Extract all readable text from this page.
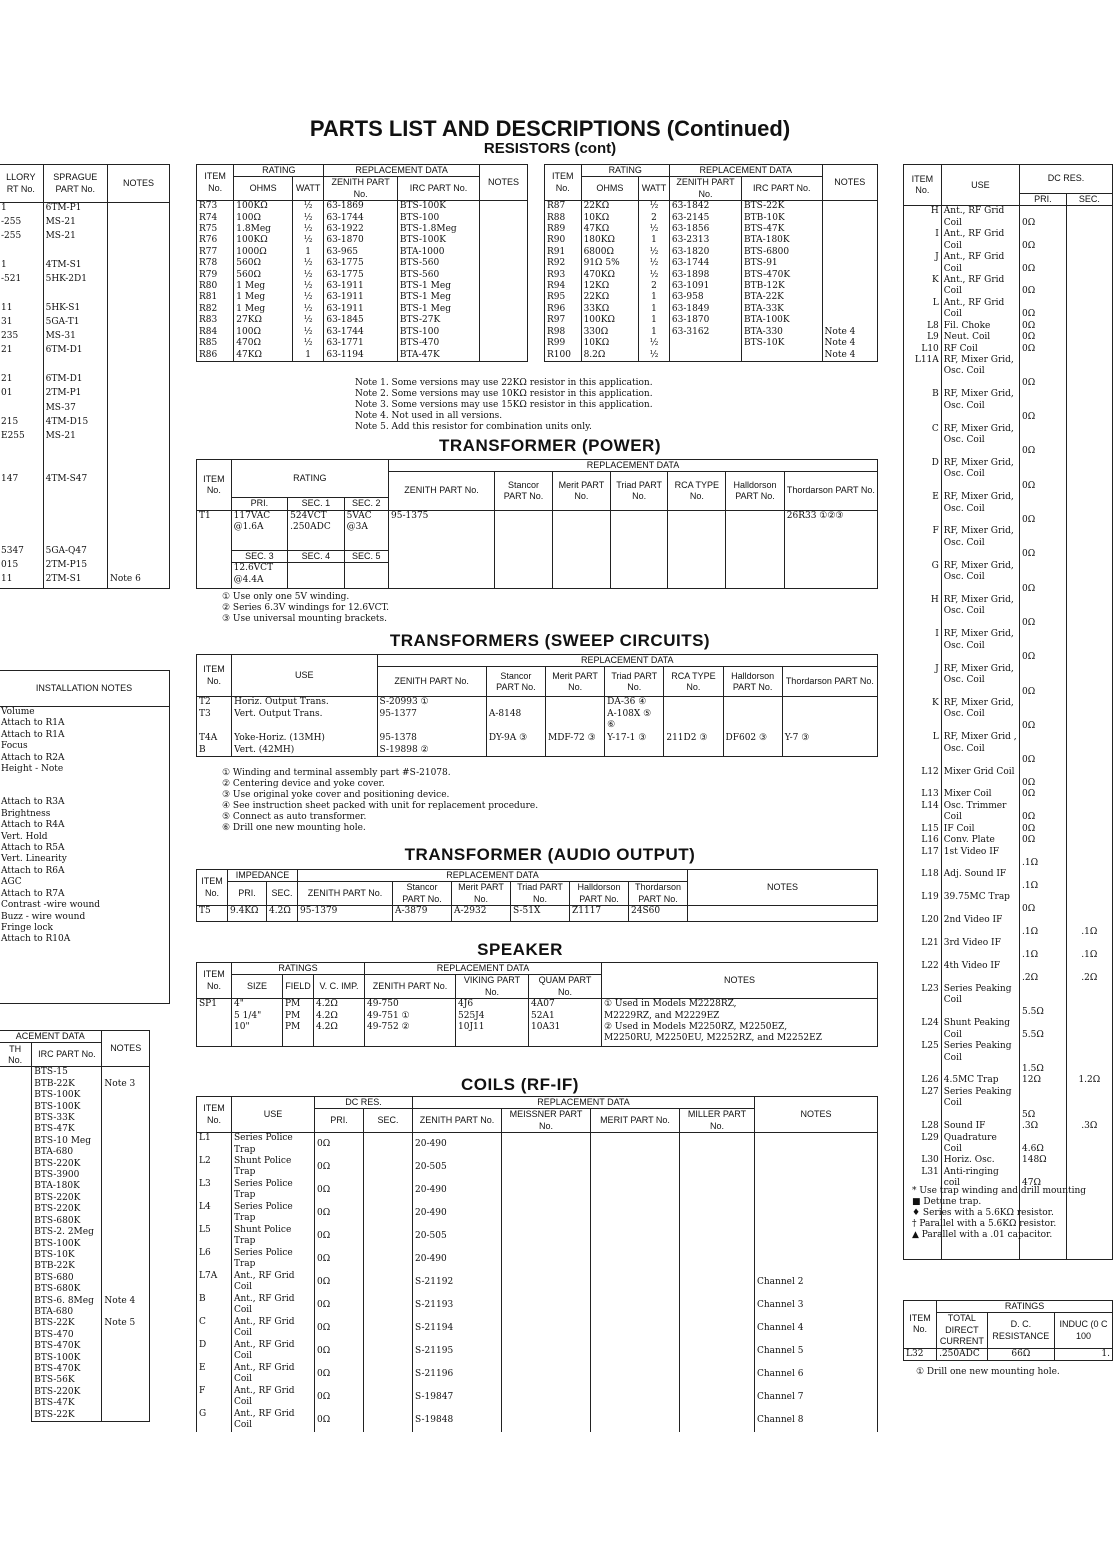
PARTS LIST AND DESCRIPTIONS (Continued)
RESISTORS (cont)
LLORY RT No.	SPRAGUE PART No.	NOTES
1	6TM-P1	
-255	MS-21	
-255	MS-21	

1	4TM-S1	
-521	5HK-2D1	

11	5HK-S1	
31	5GA-T1	
235	MS-31	
21	6TM-D1	

21	6TM-D1	
01	2TM-P1	
	MS-37	
215	4TM-D15	
E255	MS-21	

147	4TM-S47	

5347	5GA-Q47	
015	2TM-P15	
11	2TM-S1	Note 6
INSTALLATION NOTES

Volume
Attach to R1A
Attach to R1A
Focus
Attach to R2A
Height - Note
Attach to R3A
Brightness
Attach to R4A
Vert. Hold
Attach to R5A
Vert. Linearity
Attach to R6A
AGC
Attach to R7A
Contrast -wire wound
Buzz - wire wound
Fringe lock
Attach to R10A
ACEMENT DATA		NOTES
TH No.	IRC PART No.	
	BTS-15	
	BTB-22K	Note 3
	BTS-100K	
	BTS-100K	
	BTS-33K	
	BTS-47K	
	BTS-10 Meg	
	BTA-680	
	BTS-220K	
	BTS-3900	
	BTA-180K	
	BTS-220K	
	BTS-220K	
	BTS-680K	
	BTS-2. 2Meg	
	BTS-100K	
	BTS-10K	
	BTB-22K	
	BTS-680	
	BTS-680K	
	BTS-6. 8Meg	Note 4
	BTA-680	
	BTS-22K	Note 5
	BTS-470	
	BTS-470K	
	BTS-100K	
	BTS-470K	
	BTS-56K	
	BTS-220K	
	BTS-47K	
	BTS-22K	
ITEM No.	RATING		REPLACEMENT DATA		NOTES
			ZENITH PART No.	IRC PART No.	
	OHMS	WATT			
R73	100KΩ	½	63-1869	BTS-100K	
R74	100Ω	½	63-1744	BTS-100	
R75	1.8Meg	½	63-1922	BTS-1.8Meg	
R76	100KΩ	½	63-1870	BTS-100K	
R77	1000Ω	1	63-965	BTA-1000	
R78	560Ω	½	63-1775	BTS-560	
R79	560Ω	½	63-1775	BTS-560	
R80	1 Meg	½	63-1911	BTS-1 Meg	
R81	1 Meg	½	63-1911	BTS-1 Meg	
R82	1 Meg	½	63-1911	BTS-1 Meg	
R83	27KΩ	½	63-1845	BTS-27K	
R84	100Ω	½	63-1744	BTS-100	
R85	470Ω	½	63-1771	BTS-470	
R86	47KΩ	1	63-1194	BTA-47K	
ITEM No.	RATING		REPLACEMENT DATA		NOTES
			ZENITH PART No.	IRC PART No.	
	OHMS	WATT			
R87	22KΩ	½	63-1842	BTS-22K	
R88	10KΩ	2	63-2145	BTB-10K	
R89	47KΩ	½	63-1856	BTS-47K	
R90	180KΩ	1	63-2313	BTA-180K	
R91	6800Ω	½	63-1820	BTS-6800	
R92	91Ω 5%	½	63-1744	BTS-91	
R93	470KΩ	½	63-1898	BTS-470K	
R94	12KΩ	2	63-1091	BTB-12K	
R95	22KΩ	1	63-958	BTA-22K	
R96	33KΩ	1	63-1849	BTA-33K	
R97	100KΩ	1	63-1870	BTA-100K	
R98	330Ω	1	63-3162	BTA-330	Note 4
R99	10KΩ	½		BTS-10K	Note 4
R100	8.2Ω	½			Note 4
Note 1. Some versions may use 22KΩ resistor in this application.
Note 2. Some versions may use 10KΩ resistor in this application.
Note 3. Some versions may use 15KΩ resistor in this application.
Note 4. Not used in all versions.
Note 5. Add this resistor for combination units only.
TRANSFORMER (POWER)
ITEM No.	RATING			REPLACEMENT DATA						
				ZENITH PART No.	Stancor PART No.	Merit PART No.	Triad PART No.	RCA TYPE No.	Halldorson PART No.	Thordarson PART No.
	PRI.	SEC. 1	SEC. 2							
T1	117VAC @1.6A	524VCT .250ADC	5VAC @3A	95-1375						26R33 ①②③
	SEC. 3	SEC. 4	SEC. 5							
	12.6VCT @4.4A									
① Use only one 5V winding.
② Series 6.3V windings for 12.6VCT.
③ Use universal mounting brackets.
TRANSFORMERS (SWEEP CIRCUITS)
ITEM No.	USE	REPLACEMENT DATA						
		ZENITH PART No.	Stancor PART No.	Merit PART No.	Triad PART No.	RCA TYPE No.	Halldorson PART No.	Thordarson PART No.
T2	Horiz. Output Trans.	S-20993 ①			DA-36 ④			
T3	Vert. Output Trans.	95-1377	A-8148		A-108X ⑤ ⑥			
T4A	Yoke-Horiz. (13MH)	95-1378	DY-9A ③	MDF-72 ③	Y-17-1 ③	211D2 ③	DF602 ③	Y-7 ③
B	Vert. (42MH)	S-19898 ②						
① Winding and terminal assembly part #S-21078.
② Centering device and yoke cover.
③ Use original yoke cover and positioning device.
④ See instruction sheet packed with unit for replacement procedure.
⑤ Connect as auto transformer.
⑥ Drill one new mounting hole.
TRANSFORMER (AUDIO OUTPUT)
ITEM No.	IMPEDANCE		REPLACEMENT DATA						NOTES
			ZENITH PART No.	Stancor PART No.	Merit PART No.	Triad PART No.	Halldorson PART No.	Thordarson PART No.	
	PRI.	SEC.							
T5	9.4KΩ	4.2Ω	95-1379	A-3879	A-2932	S-51X	Z1117	24S60	
SPEAKER
ITEM No.	RATINGS			REPLACEMENT DATA			NOTES
				ZENITH PART No.	VIKING PART No.	QUAM PART No.	
	SIZE	FIELD	V. C. IMP.				
SP1	4"	PM	4.2Ω	49-750	4J6	4A07	① Used in Models M2228RZ,
M2229RZ, and M2229EZ
② Used in Models M2250RZ, M2250EZ,
M2250RU, M2250EU, M2252RZ, and M2252EZ

	5 1/4"	PM	4.2Ω	49-751 ①	525J4	52A1	
	10"	PM	4.2Ω	49-752 ②	10J11	10A31	
COILS (RF-IF)
ITEM No.	USE	DC RES.		REPLACEMENT DATA				NOTES
				ZENITH PART No.	MEISSNER PART No.	MERIT PART No.	MILLER PART No.	
		PRI.	SEC.					
L1	Series Police Trap	0Ω		20-490				
L2	Shunt Police Trap	0Ω		20-505				
L3	Series Police Trap	0Ω		20-490				
L4	Series Police Trap	0Ω		20-490				
L5	Shunt Police Trap	0Ω		20-505				
L6	Series Police Trap	0Ω		20-490				
L7A	Ant., RF Grid Coil	0Ω		S-21192				Channel 2
B	Ant., RF Grid Coil	0Ω		S-21193				Channel 3
C	Ant., RF Grid Coil	0Ω		S-21194				Channel 4
D	Ant., RF Grid Coil	0Ω		S-21195				Channel 5
E	Ant., RF Grid Coil	0Ω		S-21196				Channel 6
F	Ant., RF Grid Coil	0Ω		S-19847				Channel 7
G	Ant., RF Grid Coil	0Ω		S-19848				Channel 8
ITEM No.	USE	DC RES.	
		PRI.	SEC.
H	Ant., RF Grid Coil	0Ω	
I	Ant., RF Grid Coil	0Ω	
J	Ant., RF Grid Coil	0Ω	
K	Ant., RF Grid Coil	0Ω	
L	Ant., RF Grid Coil	0Ω	
L8	Fil. Choke	0Ω	
L9	Neut. Coil	0Ω	
L10	RF Coil	0Ω	
L11A	RF, Mixer Grid, Osc. Coil	0Ω	
B	RF, Mixer Grid, Osc. Coil	0Ω	
C	RF, Mixer Grid, Osc. Coil	0Ω	
D	RF, Mixer Grid, Osc. Coil	0Ω	
E	RF, Mixer Grid, Osc. Coil	0Ω	
F	RF, Mixer Grid, Osc. Coil	0Ω	
G	RF, Mixer Grid, Osc. Coil	0Ω	
H	RF, Mixer Grid, Osc. Coil	0Ω	
I	RF, Mixer Grid, Osc. Coil	0Ω	
J	RF, Mixer Grid, Osc. Coil	0Ω	
K	RF, Mixer Grid, Osc. Coil	0Ω	
L	RF, Mixer Grid , Osc. Coil	0Ω	
L12	Mixer Grid Coil	0Ω	
L13	Mixer Coil	0Ω	
L14	Osc. Trimmer Coil	0Ω	
L15	IF Coil	0Ω	
L16	Conv. Plate	0Ω	
L17	1st Video IF	.1Ω	
L18	Adj. Sound IF	.1Ω	
L19	39.75MC Trap	0Ω	
L20	2nd Video IF	.1Ω	.1Ω
L21	3rd Video IF	.1Ω	.1Ω
L22	4th Video IF	.2Ω	.2Ω
L23	Series Peaking Coil	5.5Ω	
L24	Shunt Peaking Coil	5.5Ω	
L25	Series Peaking Coil	1.5Ω	
L26	4.5MC Trap	12Ω	1.2Ω
L27	Series Peaking Coil	5Ω	
L28	Sound IF	.3Ω	.3Ω
L29	Quadrature Coil	4.6Ω	
L30	Horiz. Osc.	148Ω	
L31	Anti-ringing coil	47Ω	

* Use trap winding and drill mounting
■ Detune trap.
♦ Series with a 5.6KΩ resistor.
† Parallel with a 5.6KΩ resistor.
▲ Parallel with a .01 capacitor.
ITEM No.	RATINGS		
	TOTAL DIRECT CURRENT	D. C. RESISTANCE	INDUC (0 C 100
L32	.250ADC	66Ω	1.
① Drill one new mounting hole.
